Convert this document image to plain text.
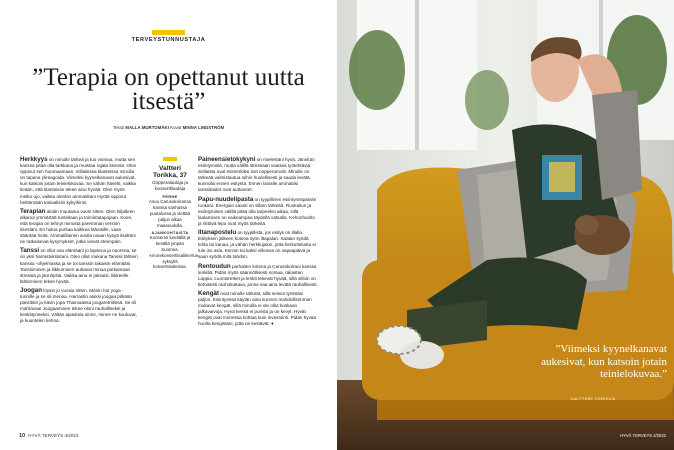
TERVEYSTUNNUSTAJA
”Terapia on opettanut uutta itsestä”
Teksti MALLA MURTOMÄKI Kuvat MINNA LINDSTRÖM

Herkkyys on minulle tärkeä ja tuo voimaa, mutta sen kanssa pitää olla tarkkana ja muistaa rajata itsensä. Olen oppinut sen huomaamaan, millaisissa tilanteissa minulla on tapana ylireagoida. Viimeksi kyynelkanavat aukesivat, kun katsoin jotain teinielokuvaa. Se vähän hävetti, vaikka tiedän, että tilanteisiin tekee aina hyvää. Olen myös melko ujo, vaikka olenkin ammatiltani myötä oppinut heittämään tosiaalisiin kykyihinsi.

Terapian aloitin muutama vuosi sitten. Olen hiljalleen alkanut ymmärtää tunteitaan ja toimintatapojaan. Koen, että terapia on tehnyt minusta paremman version itsestäni. En halua purkaa kaikkea läheisille, vaan sääntää heitä. Ammatillainen avulla osaan kysyä itseltäni ne ratkaisevat kysymykset, jotka vievät eteenpäin.

Tanssi on ollut osa elämääni jo lapsena ja nuorena, se on yksi harrastuksistani. Olen ollut mukana Tanssii tähtien kanssa -ohjelmassa ja se toi tanssin takaisin elämääni. Tanssiminen ja liikkuminen auttavat minua purkamaan stressiä ja jännitystä. Vaikka aina ei jaksaisi, liikkeelle lähteminen tekee hyvää.

Joogan löysin jo vuosia sitten. Menin hot yoga -tunnille ja se oli menoa. Harrastin aluksi joogaa pitkään päivittäin ja kävin jopa Thaimaassa joogaretriitissä. Se oli mahtavaa! Joogaaminen tekee oloni rauhalliseksi ja keskittyneeksi. Vältän ajatuksia sinne, minne ne kuuluvat, ja kuuntelen kehoa.

Valtteri Torikka, 37
Oopperalaulaja ja konserttilaulaja
PERHE
Asuu Carusokoiransa kanssa vanhassa puutalossa ja viettää paljon aikaa maaseudulla.
AJANKOHTAISTA
Konsertoi keväällä ja kesällä ympäri Suomea. Amorekonserttisalikiertue syksyllä konserttisaleissa.

Paineensietokykyni on mielestäni hyvä. Jännitän esiintymisiä, mutta välillä stressaan vaativia työtehtäviä. Sellaista ovat esimerkiksi isot oopperaroolit. Minulle on tärkeää valmistautua niihin huolellisesti ja saada levätä kunnolla ennen esitystä. Ennen laivalle ammattisi tanssitaidot ovat auttaneet.

Papu-nuudelipasta on tyypillinen esiintymispäivän ruokani. Energian saanti on silloin tärkeää. Ruokailun ja esiintymisen välillä pitää olla tarpeeksi aikaa, sillä laulaminen on vaikeampaa täydellä vatsalla. Kehonhuolto ja riittävä lepo ovat myös tärkeitä.

Iltanapostelu on tyypillistä, jos esitys on illalla. Esityksen jälkeen kotona syön iltapalan. Saatan syödä lohta tai kanaa, ja vähän herkkujakin, jotta herkuttelusta ei tule iso asia. Kerran tai kaksi viikossa on vapaapäivä ja saan syödä mitä tahdon.

Rentoudun parhaiten kotona ja Carusokoirani kanssa lenkillä. Pidän myös säännöllisesti somaa, rakastan Lappia. Luontoretket ja lenkit tekevät hyvää, sillä silloin on tietoisesti rauhoituttava, jonne saa aina levätä rauhallisesti.

Kengät ovat minulle tärkeät, sillä seison työssäni paljon. Esiintyessä käytän aina kunnon mahdollisimman mukavat kengät, sillä minulla ei ole ollut koskaan jalkavaivoja. Hyvä kenkä ei purista ja on kevyt. Hyvät kengät ovat monessa kohtaa kuin investointi. Pidän hyvää huolta kengistäni, jotta ne kestävät. ●

10 HYVÄ TERVEYS 4/2022
”Viimeksi kyynelkanavat aukesivat, kun katsoin jotain teinielokuvaa.”
VALTTERI TORIKKA
HYVÄ TERVEYS 4/2022
